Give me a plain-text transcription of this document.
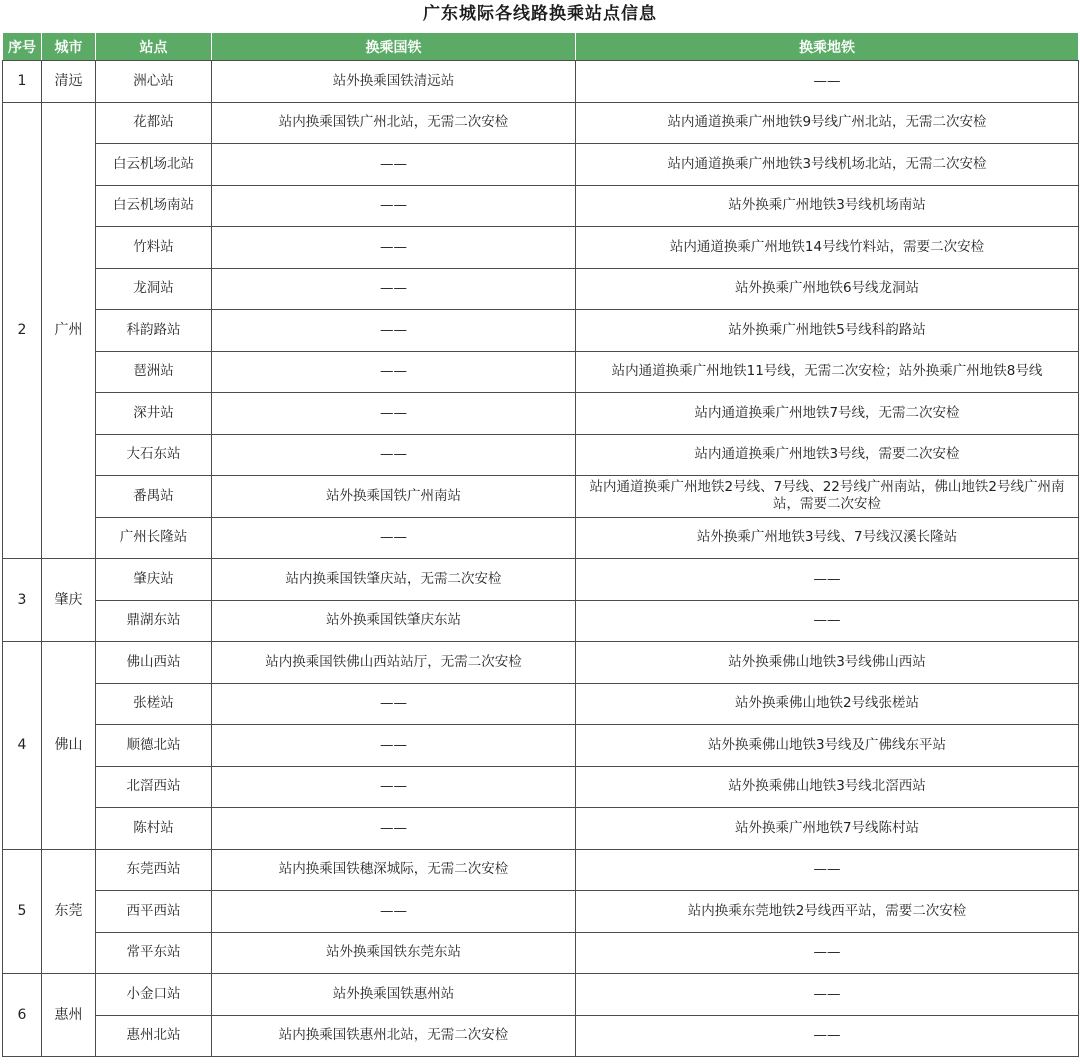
广东城际各线路换乘站点信息
序号	城市	站点	换乘国铁	换乘地铁
1	清远	洲心站	站外换乘国铁清远站	——
2	广州	花都站	站内换乘国铁广州北站，无需二次安检	站内通道换乘广州地铁9号线广州北站，无需二次安检
		白云机场北站	——	站内通道换乘广州地铁3号线机场北站，无需二次安检
		白云机场南站	——	站外换乘广州地铁3号线机场南站
		竹料站	——	站内通道换乘广州地铁14号线竹料站，需要二次安检
		龙洞站	——	站外换乘广州地铁6号线龙洞站
		科韵路站	——	站外换乘广州地铁5号线科韵路站
		琶洲站	——	站内通道换乘广州地铁11号线，无需二次安检；站外换乘广州地铁8号线
		深井站	——	站内通道换乘广州地铁7号线，无需二次安检
		大石东站	——	站内通道换乘广州地铁3号线，需要二次安检
		番禺站	站外换乘国铁广州南站	站内通道换乘广州地铁2号线、7号线、22号线广州南站，佛山地铁2号线广州南站，需要二次安检
		广州长隆站	——	站外换乘广州地铁3号线、7号线汉溪长隆站
3	肇庆	肇庆站	站内换乘国铁肇庆站，无需二次安检	——
		鼎湖东站	站外换乘国铁肇庆东站	——
4	佛山	佛山西站	站内换乘国铁佛山西站站厅，无需二次安检	站外换乘佛山地铁3号线佛山西站
		张槎站	——	站外换乘佛山地铁2号线张槎站
		顺德北站	——	站外换乘佛山地铁3号线及广佛线东平站
		北滘西站	——	站外换乘佛山地铁3号线北滘西站
		陈村站	——	站外换乘广州地铁7号线陈村站
5	东莞	东莞西站	站内换乘国铁穗深城际，无需二次安检	——
		西平西站	——	站内换乘东莞地铁2号线西平站，需要二次安检
		常平东站	站外换乘国铁东莞东站	——
6	惠州	小金口站	站外换乘国铁惠州站	——
		惠州北站	站内换乘国铁惠州北站，无需二次安检	——
